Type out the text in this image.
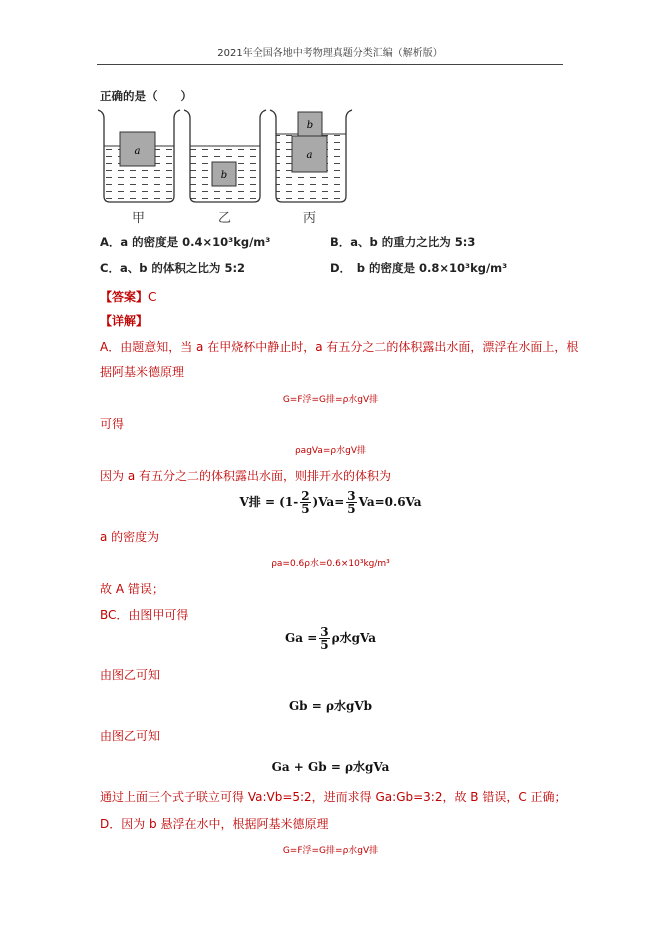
2021年全国各地中考物理真题分类汇编（解析版）
正确的是（　　）
a
b
a
b
甲	乙	丙
A．a 的密度是 0.4×10³kg/m³	B．a、b 的重力之比为 5:3
C．a、b 的体积之比为 5:2	D．　b 的密度是 0.8×10³kg/m³
【答案】C
【详解】
A．由题意知，当 a 在甲烧杯中静止时，a 有五分之二的体积露出水面，漂浮在水面上，根
据阿基米德原理
G=F浮=G排=ρ水gV排
可得
ρagVa=ρ水gV排
因为 a 有五分之二的体积露出水面，则排开水的体积为
V排 = $(1- \frac{2}{5} )Va= \frac{3}{5} Va=0.6Va$
a 的密度为
ρa=0.6ρ水=0.6×10³kg/m³
故 A 错误；
BC．由图甲可得
$Ga = \frac{3}{5}$ ρ水gVa
由图乙可知
Gb = ρ水gVb
由图乙可知
Ga + Gb = ρ水gVa
通过上面三个式子联立可得 Va:Vb=5:2，进而求得 Ga:Gb=3:2，故 B 错误，C 正确；
D．因为 b 悬浮在水中，根据阿基米德原理
G=F浮=G排=ρ水gV排
